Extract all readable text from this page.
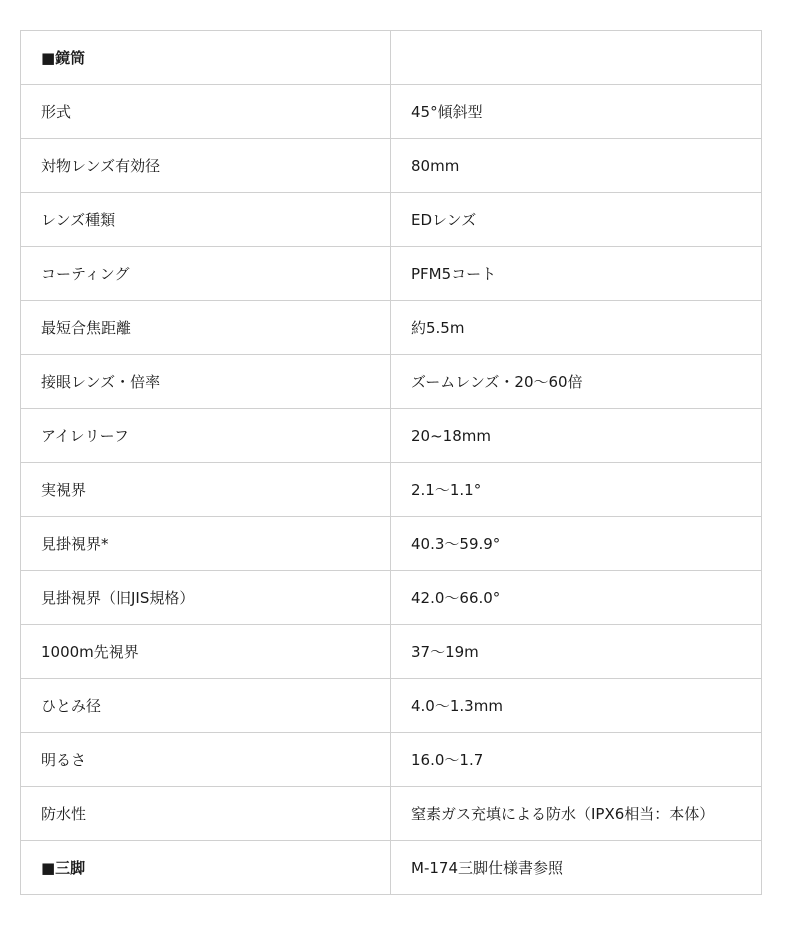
■鏡筒	
形式	45°傾斜型
対物レンズ有効径	80mm
レンズ種類	EDレンズ
コーティング	PFM5コート
最短合焦距離	約5.5m
接眼レンズ・倍率	ズームレンズ・20〜60倍
アイレリーフ	20~18mm
実視界	2.1〜1.1°
見掛視界*	40.3〜59.9°
見掛視界（旧JIS規格）	42.0〜66.0°
1000m先視界	37〜19m
ひとみ径	4.0〜1.3mm
明るさ	16.0〜1.7
防水性	窒素ガス充填による防水（IPX6相当：本体）
■三脚	M-174三脚仕様書参照
